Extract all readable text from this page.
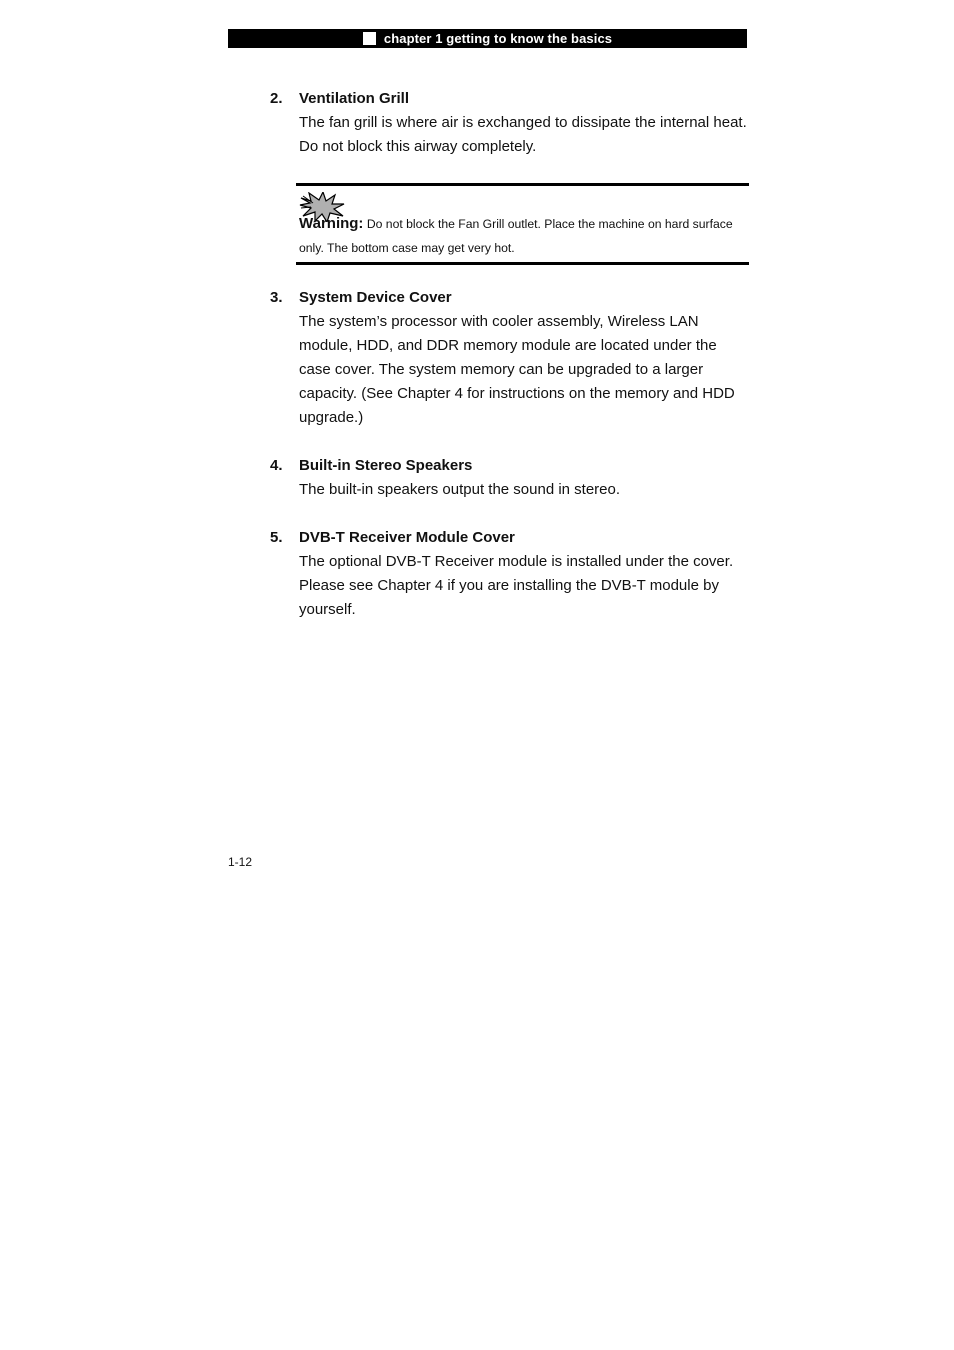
chapter 1 getting to know the basics
2. Ventilation Grill
The fan grill is where air is exchanged to dissipate the internal heat. Do not block this airway completely.
Warning: Do not block the Fan Grill outlet. Place the machine on hard surface only. The bottom case may get very hot.
3. System Device Cover
The system’s processor with cooler assembly, Wireless LAN module, HDD, and DDR memory module are located under the case cover. The system memory can be upgraded to a larger capacity. (See Chapter 4 for instructions on the memory and HDD upgrade.)
4. Built-in Stereo Speakers
The built-in speakers output the sound in stereo.
5. DVB-T Receiver Module Cover
The optional DVB-T Receiver module is installed under the cover. Please see Chapter 4 if you are installing the DVB-T module by yourself.
1-12
